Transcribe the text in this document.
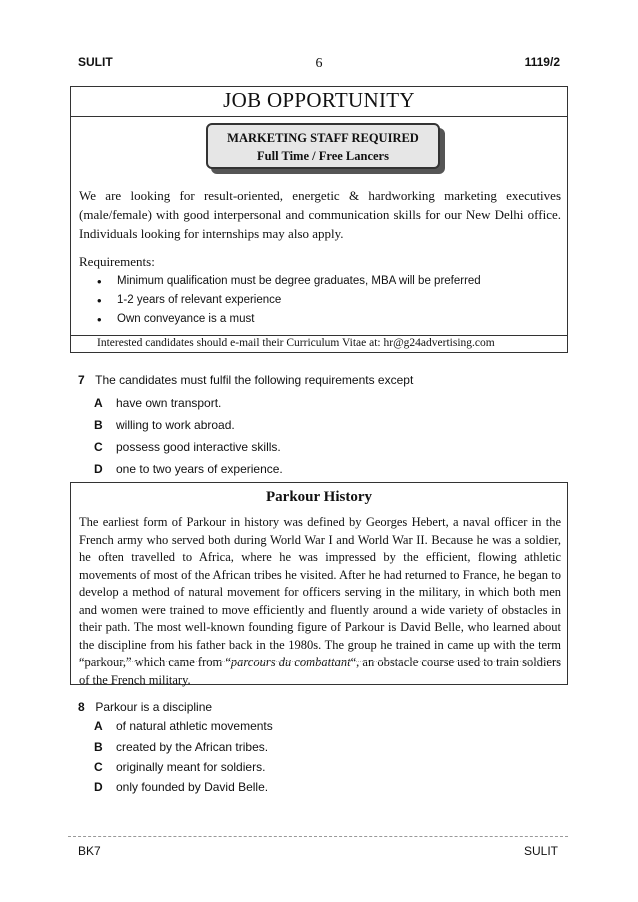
SULIT	6	1119/2
JOB OPPORTUNITY
MARKETING STAFF REQUIRED
Full Time / Free Lancers
We are looking for result-oriented, energetic & hardworking marketing executives (male/female) with good interpersonal and communication skills for our New Delhi office. Individuals looking for internships may also apply.
Requirements:
• Minimum qualification must be degree graduates, MBA will be preferred
• 1-2 years of relevant experience
• Own conveyance is a must
Interested candidates should e-mail their Curriculum Vitae at: hr@g24advertising.com
7 The candidates must fulfil the following requirements except
A have own transport.
B willing to work abroad.
C possess good interactive skills.
D one to two years of experience.
Parkour History
The earliest form of Parkour in history was defined by Georges Hebert, a naval officer in the French army who served both during World War I and World War II. Because he was a soldier, he often travelled to Africa, where he was impressed by the efficient, flowing athletic movements of most of the African tribes he visited. After he had returned to France, he began to develop a method of natural movement for officers serving in the military, in which both men and women were trained to move efficiently and fluently around a wide variety of obstacles in their path. The most well-known founding figure of Parkour is David Belle, who learned about the discipline from his father back in the 1980s. The group he trained in came up with the term “parkour,” which came from “parcours du combattant“, an obstacle course used to train soldiers of the French military.
8 Parkour is a discipline
A of natural athletic movements
B created by the African tribes.
C originally meant for soldiers.
D only founded by David Belle.
BK7	SULIT
